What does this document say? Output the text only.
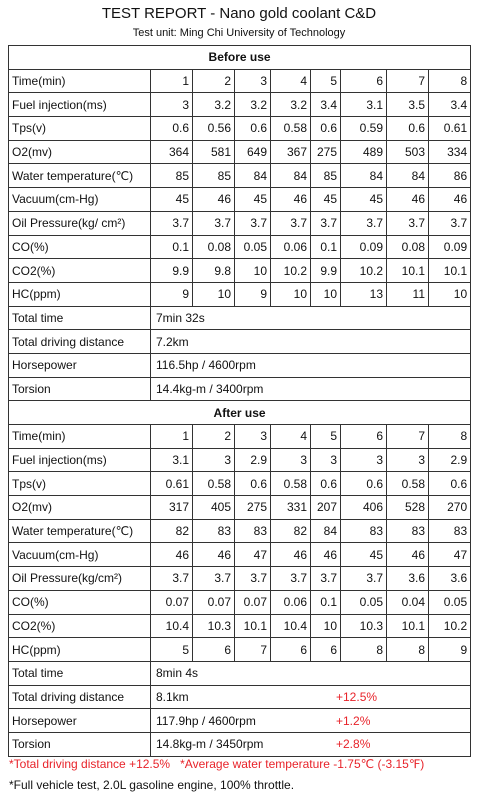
TEST REPORT - Nano gold coolant C&D
Test unit: Ming Chi University of Technology
Before use								
Time(min)	1	2	3	4	5	6	7	8
Fuel injection(ms)	3	3.2	3.2	3.2	3.4	3.1	3.5	3.4
Tps(v)	0.6	0.56	0.6	0.58	0.6	0.59	0.6	0.61
O2(mv)	364	581	649	367	275	489	503	334
Water temperature(℃)	85	85	84	84	85	84	84	86
Vacuum(cm-Hg)	45	46	45	46	45	45	46	46
Oil Pressure(kg/ cm²)	3.7	3.7	3.7	3.7	3.7	3.7	3.7	3.7
CO(%)	0.1	0.08	0.05	0.06	0.1	0.09	0.08	0.09
CO2(%)	9.9	9.8	10	10.2	9.9	10.2	10.1	10.1
HC(ppm)	9	10	9	10	10	13	11	10
Total time	7min 32s							

Total driving distance	7.2km							

Horsepower	116.5hp / 4600rpm							

Torsion	14.4kg-m / 3400rpm							

After use								
Time(min)	1	2	3	4	5	6	7	8
Fuel injection(ms)	3.1	3	2.9	3	3	3	3	2.9
Tps(v)	0.61	0.58	0.6	0.58	0.6	0.6	0.58	0.6
O2(mv)	317	405	275	331	207	406	528	270
Water temperature(℃)	82	83	83	82	84	83	83	83
Vacuum(cm-Hg)	46	46	47	46	46	45	46	47
Oil Pressure(kg/cm²)	3.7	3.7	3.7	3.7	3.7	3.7	3.6	3.6
CO(%)	0.07	0.07	0.07	0.06	0.1	0.05	0.04	0.05
CO2(%)	10.4	10.3	10.1	10.4	10	10.3	10.1	10.2
HC(ppm)	5	6	7	6	6	8	8	9
Total time	8min 4s							

Total driving distance	8.1km +12.5%							

Horsepower	117.9hp / 4600rpm +1.2%							

Torsion	14.8kg-m / 3450rpm +2.8%							
*Total driving distance +12.5% *Average water temperature -1.75℃ (-3.15℉)
*Full vehicle test, 2.0L gasoline engine, 100% throttle.
